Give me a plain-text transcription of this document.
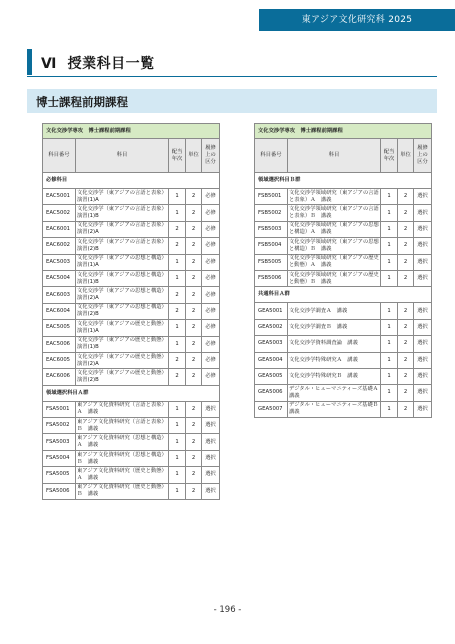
東アジア文化研究科 2025
Ⅵ 授業科目一覧
博士課程前期課程
文化交渉学専攻　博士課程前期課程				
科目番号	科目	配当年次	単位	履修上の区分
必修科目				
EAC5001	文化交渉学（東アジアの言語と表象）演習(1)A	1	2	必修
EAC5002	文化交渉学（東アジアの言語と表象）演習(1)B	1	2	必修
EAC6001	文化交渉学（東アジアの言語と表象）演習(2)A	2	2	必修
EAC6002	文化交渉学（東アジアの言語と表象）演習(2)B	2	2	必修
EAC5003	文化交渉学（東アジアの思想と構造）演習(1)A	1	2	必修
EAC5004	文化交渉学（東アジアの思想と構造）演習(1)B	1	2	必修
EAC6003	文化交渉学（東アジアの思想と構造）演習(2)A	2	2	必修
EAC6004	文化交渉学（東アジアの思想と構造）演習(2)B	2	2	必修
EAC5005	文化交渉学（東アジアの歴史と動態）演習(1)A	1	2	必修
EAC5006	文化交渉学（東アジアの歴史と動態）演習(1)B	1	2	必修
EAC6005	文化交渉学（東アジアの歴史と動態）演習(2)A	2	2	必修
EAC6006	文化交渉学（東アジアの歴史と動態）演習(2)B	2	2	必修
領域選択科目Ａ群				
FSA5001	東アジア文化資料研究（言語と表象）Ａ　講義	1	2	選択
FSA5002	東アジア文化資料研究（言語と表象）Ｂ　講義	1	2	選択
FSA5003	東アジア文化資料研究（思想と構造）Ａ　講義	1	2	選択
FSA5004	東アジア文化資料研究（思想と構造）Ｂ　講義	1	2	選択
FSA5005	東アジア文化資料研究（歴史と動態）Ａ　講義	1	2	選択
FSA5006	東アジア文化資料研究（歴史と動態）Ｂ　講義	1	2	選択
文化交渉学専攻　博士課程前期課程				
科目番号	科目	配当年次	単位	履修上の区分
領域選択科目Ｂ群				
FSB5001	文化交渉学領域研究（東アジアの言語と表象）Ａ　講義	1	2	選択
FSB5002	文化交渉学領域研究（東アジアの言語と表象）Ｂ　講義	1	2	選択
FSB5003	文化交渉学領域研究（東アジアの思想と構造）Ａ　講義	1	2	選択
FSB5004	文化交渉学領域研究（東アジアの思想と構造）Ｂ　講義	1	2	選択
FSB5005	文化交渉学領域研究（東アジアの歴史と動態）Ａ　講義	1	2	選択
FSB5006	文化交渉学領域研究（東アジアの歴史と動態）Ｂ　講義	1	2	選択
共通科目Ａ群				
GEA5001	文化交渉学調査Ａ　講義	1	2	選択
GEA5002	文化交渉学調査Ｂ　講義	1	2	選択
GEA5003	文化交渉学資料調査論　講義	1	2	選択
GEA5004	文化交渉学特殊研究Ａ　講義	1	2	選択
GEA5005	文化交渉学特殊研究Ｂ　講義	1	2	選択
GEA5006	デジタル・ヒューマニティーズ基礎Ａ　講義	1	2	選択
GEA5007	デジタル・ヒューマニティーズ基礎Ｂ　講義	1	2	選択
- 196 -
